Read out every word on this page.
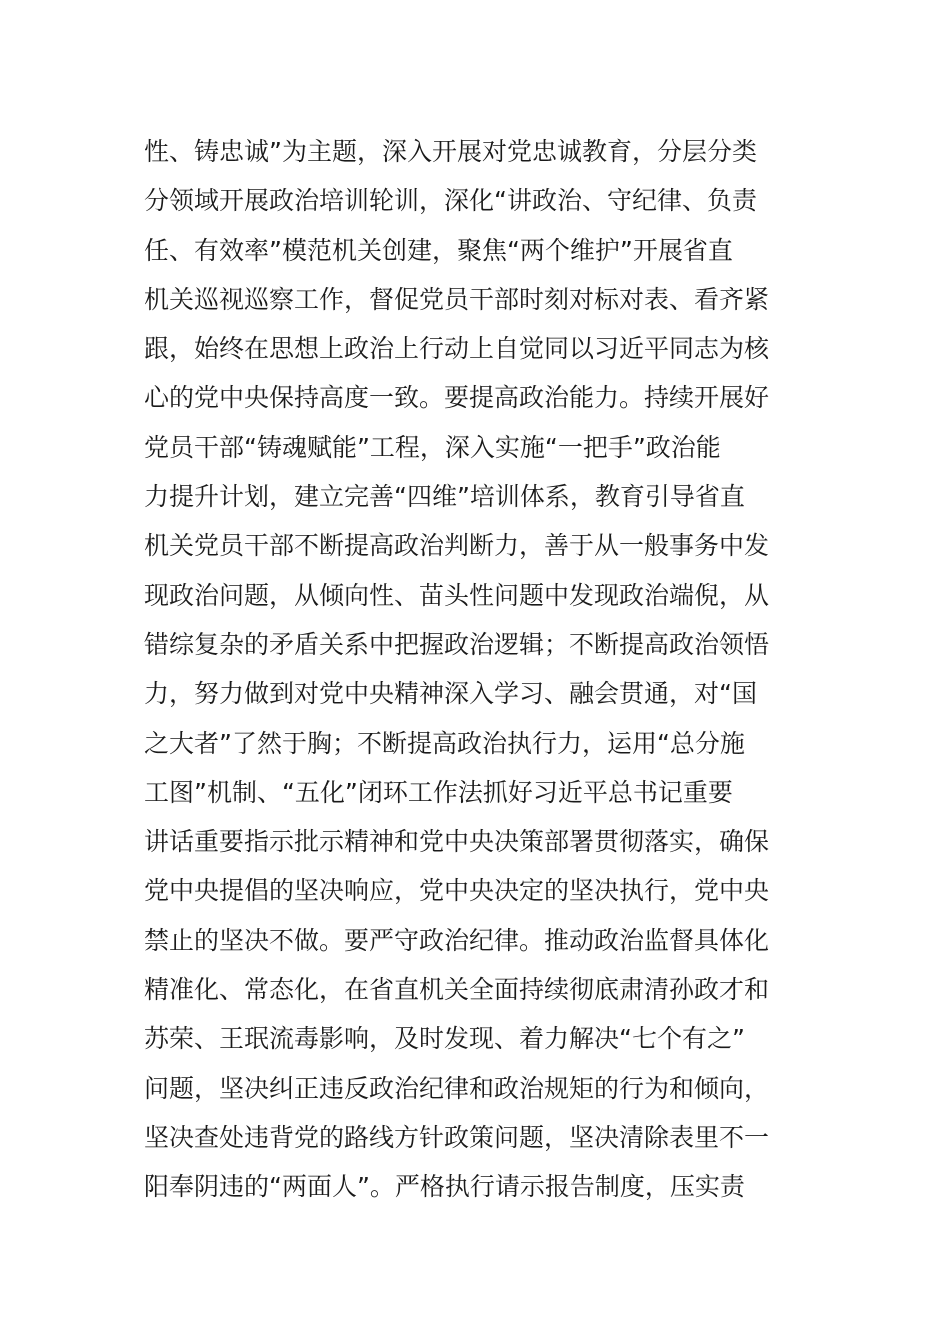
性、铸忠诚”为主题，深入开展对党忠诚教育，分层分类
分领域开展政治培训轮训，深化“讲政治、守纪律、负责
任、有效率”模范机关创建，聚焦“两个维护”开展省直
机关巡视巡察工作，督促党员干部时刻对标对表、看齐紧
跟，始终在思想上政治上行动上自觉同以习近平同志为核
心的党中央保持高度一致。要提高政治能力。持续开展好
党员干部“铸魂赋能”工程，深入实施“一把手”政治能
力提升计划，建立完善“四维”培训体系，教育引导省直
机关党员干部不断提高政治判断力，善于从一般事务中发
现政治问题，从倾向性、苗头性问题中发现政治端倪，从
错综复杂的矛盾关系中把握政治逻辑；不断提高政治领悟
力，努力做到对党中央精神深入学习、融会贯通，对“国
之大者”了然于胸；不断提高政治执行力，运用“总分施
工图”机制、“五化”闭环工作法抓好习近平总书记重要
讲话重要指示批示精神和党中央决策部署贯彻落实，确保
党中央提倡的坚决响应，党中央决定的坚决执行，党中央
禁止的坚决不做。要严守政治纪律。推动政治监督具体化
精准化、常态化，在省直机关全面持续彻底肃清孙政才和
苏荣、王珉流毒影响，及时发现、着力解决“七个有之”
问题，坚决纠正违反政治纪律和政治规矩的行为和倾向，
坚决查处违背党的路线方针政策问题，坚决清除表里不一
阳奉阴违的“两面人”。严格执行请示报告制度，压实责
